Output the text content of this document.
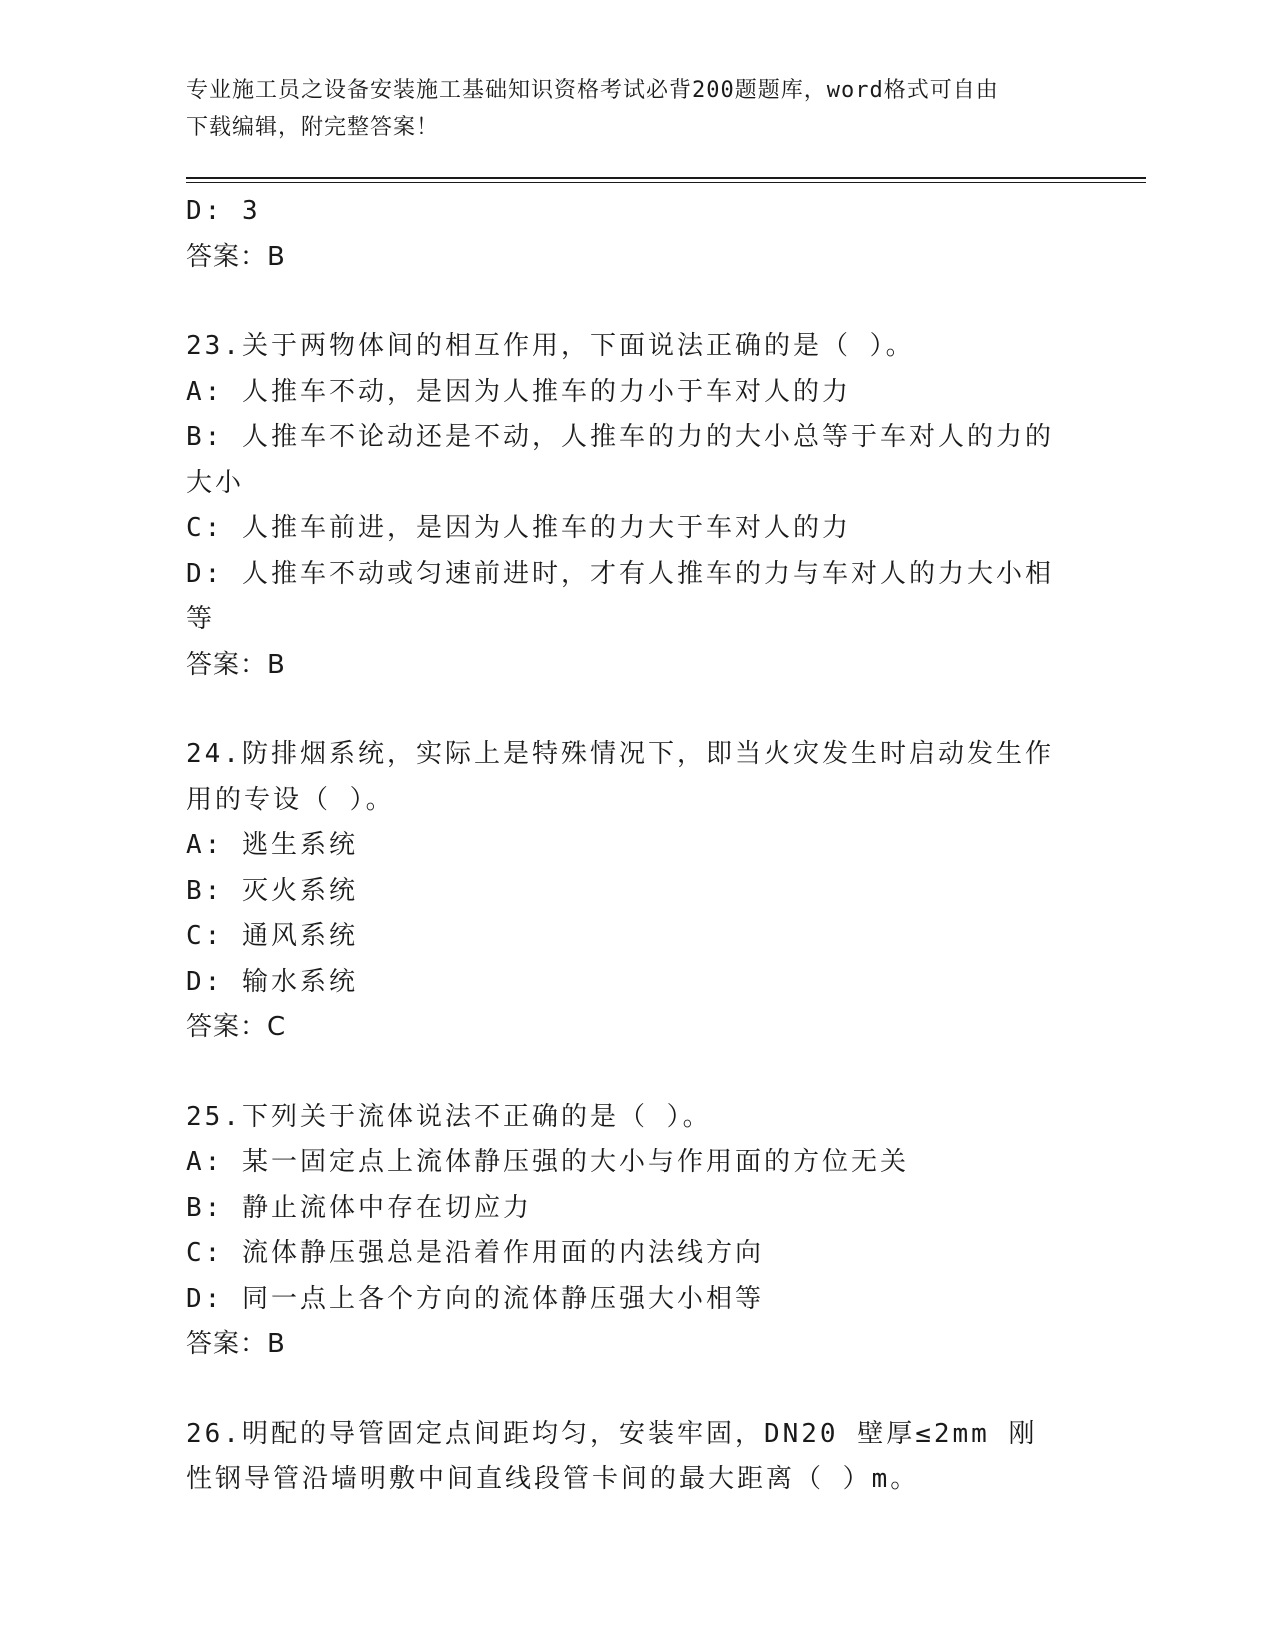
专业施工员之设备安装施工基础知识资格考试必背200题题库，word格式可自由
下载编辑，附完整答案！
D: 3
答案：B
23.关于两物体间的相互作用，下面说法正确的是（ ）。
A: 人推车不动，是因为人推车的力小于车对人的力
B: 人推车不论动还是不动，人推车的力的大小总等于车对人的力的大小
C: 人推车前进，是因为人推车的力大于车对人的力
D: 人推车不动或匀速前进时，才有人推车的力与车对人的力大小相等
答案：B
24.防排烟系统，实际上是特殊情况下，即当火灾发生时启动发生作用的专设（ ）。
A: 逃生系统
B: 灭火系统
C: 通风系统
D: 输水系统
答案：C
25.下列关于流体说法不正确的是（ ）。
A: 某一固定点上流体静压强的大小与作用面的方位无关
B: 静止流体中存在切应力
C: 流体静压强总是沿着作用面的内法线方向
D: 同一点上各个方向的流体静压强大小相等
答案：B
26.明配的导管固定点间距均匀，安装牢固，DN20 壁厚≤2mm 刚性钢导管沿墙明敷中间直线段管卡间的最大距离（ ）m。
